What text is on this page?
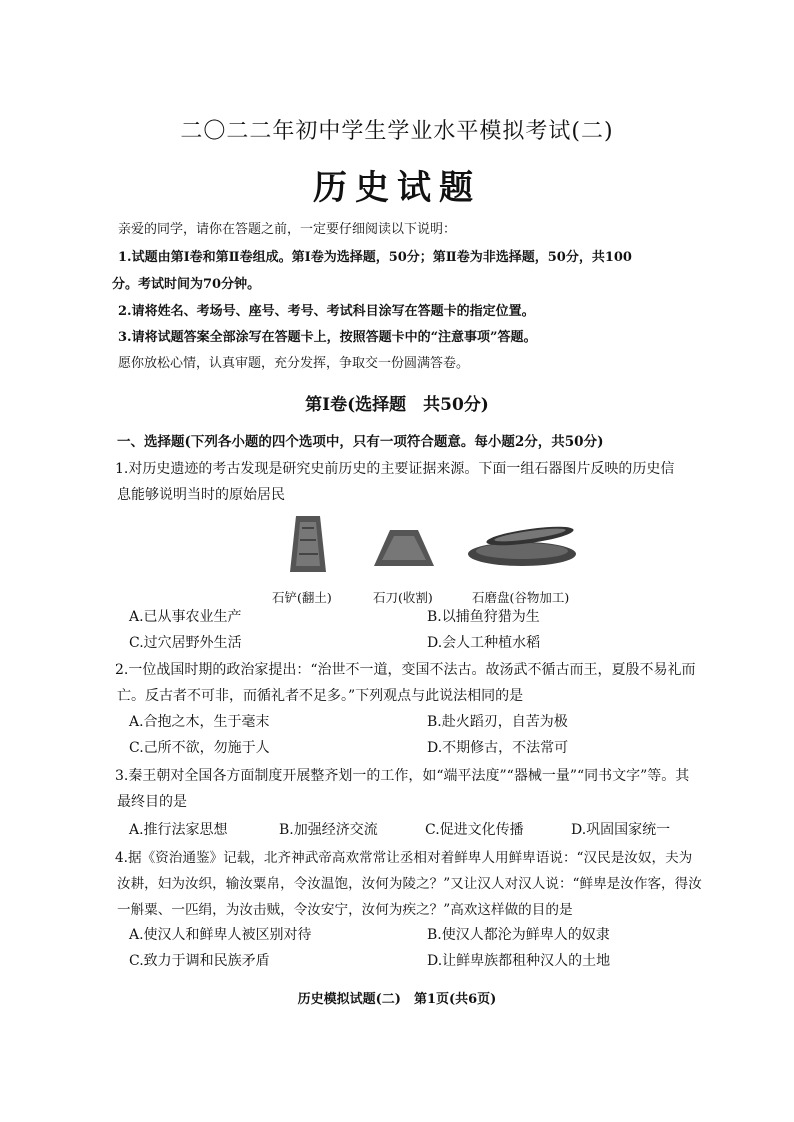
二〇二二年初中学生学业水平模拟考试(二)
历史试题
亲爱的同学，请你在答题之前，一定要仔细阅读以下说明：
1.试题由第Ⅰ卷和第Ⅱ卷组成。第Ⅰ卷为选择题，50分；第Ⅱ卷为非选择题，50分，共100
分。考试时间为70分钟。
2.请将姓名、考场号、座号、考号、考试科目涂写在答题卡的指定位置。
3.请将试题答案全部涂写在答题卡上，按照答题卡中的“注意事项”答题。
愿你放松心情，认真审题，充分发挥，争取交一份圆满答卷。
第Ⅰ卷(选择题　共50分)
一、选择题(下列各小题的四个选项中，只有一项符合题意。每小题2分，共50分)
1.对历史遗迹的考古发现是研究史前历史的主要证据来源。下面一组石器图片反映的历史信
息能够说明当时的原始居民
石铲(翻土)	石刀(收割)	石磨盘(谷物加工)
A.已从事农业生产	B.以捕鱼狩猎为生
C.过穴居野外生活	D.会人工种植水稻
2.一位战国时期的政治家提出：“治世不一道，变国不法古。故汤武不循古而王，夏殷不易礼而
亡。反古者不可非，而循礼者不足多。”下列观点与此说法相同的是
A.合抱之木，生于毫末	B.赴火蹈刃，自苦为极
C.己所不欲，勿施于人	D.不期修古，不法常可
3.秦王朝对全国各方面制度开展整齐划一的工作，如“端平法度”“器械一量”“同书文字”等。其
最终目的是
A.推行法家思想	B.加强经济交流	C.促进文化传播	D.巩固国家统一
4.据《资治通鉴》记载，北齐神武帝高欢常常让丞相对着鲜卑人用鲜卑语说：“汉民是汝奴，夫为
汝耕，妇为汝织，输汝粟帛，令汝温饱，汝何为陵之？”又让汉人对汉人说：“鲜卑是汝作客，得汝
一斛粟、一匹绢，为汝击贼，令汝安宁，汝何为疾之？”高欢这样做的目的是
A.使汉人和鲜卑人被区别对待	B.使汉人都沦为鲜卑人的奴隶
C.致力于调和民族矛盾	D.让鲜卑族都租种汉人的土地
历史模拟试题(二)　第1页(共6页)
